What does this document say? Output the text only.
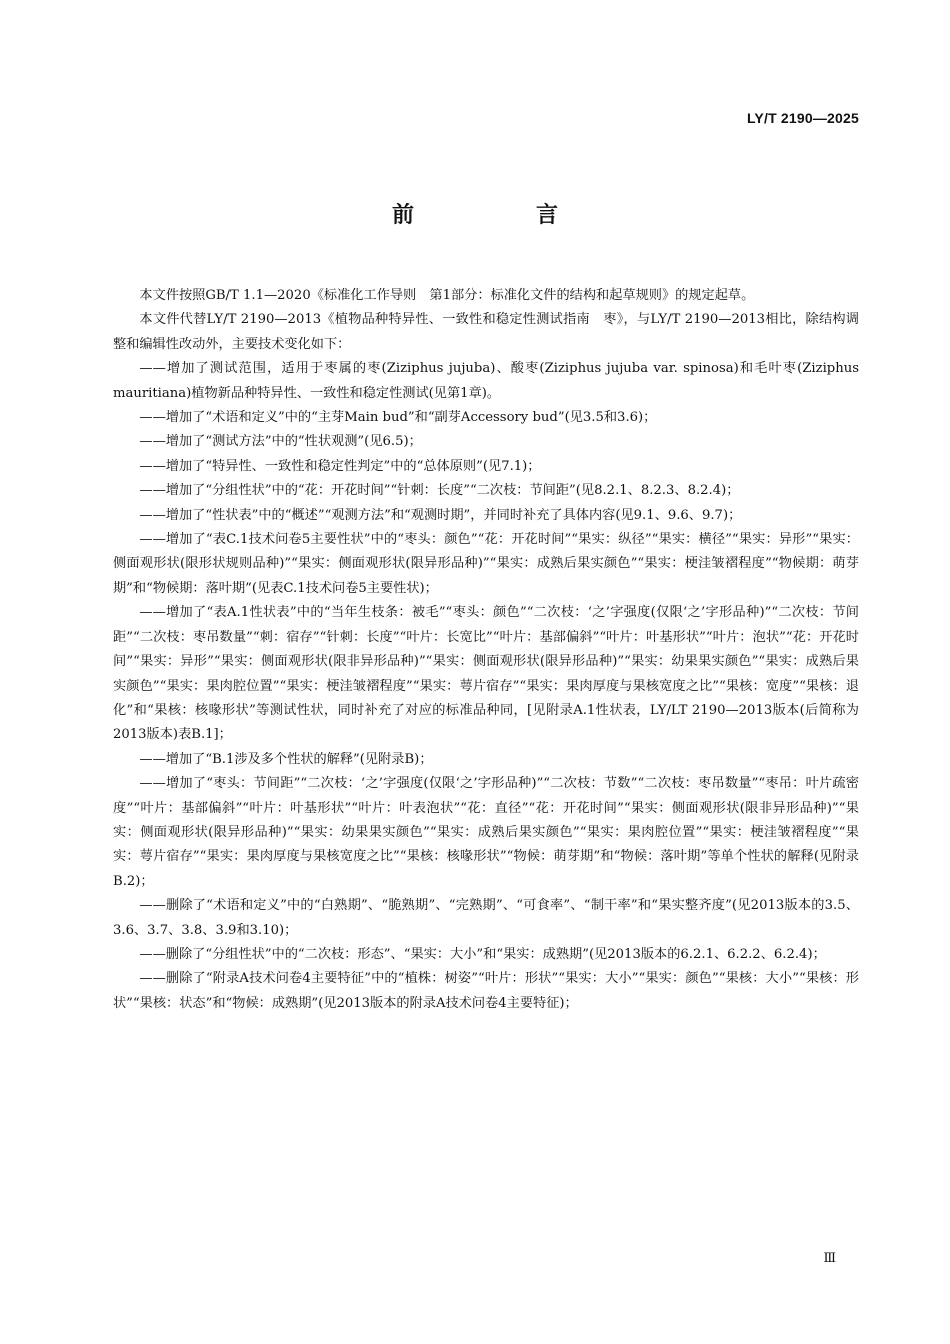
LY/T 2190—2025
前　　言

本文件按照GB/T 1.1—2020《标准化工作导则　第1部分：标准化文件的结构和起草规则》的规定起草。

本文件代替LY/T 2190—2013《植物品种特异性、一致性和稳定性测试指南　枣》，与LY/T 2190—2013相比，除结构调整和编辑性改动外，主要技术变化如下：

——增加了测试范围，适用于枣属的枣(Ziziphus jujuba)、酸枣(Ziziphus jujuba var. spinosa)和毛叶枣(Ziziphus mauritiana)植物新品种特异性、一致性和稳定性测试(见第1章)。

——增加了“术语和定义”中的“主芽Main bud”和“副芽Accessory bud”(见3.5和3.6)；

——增加了“测试方法”中的“性状观测”(见6.5)；

——增加了“特异性、一致性和稳定性判定”中的“总体原则”(见7.1)；

——增加了“分组性状”中的“花：开花时间”“针刺：长度”“二次枝：节间距”(见8.2.1、8.2.3、8.2.4)；

——增加了“性状表”中的“概述”“观测方法”和“观测时期”，并同时补充了具体内容(见9.1、9.6、9.7)；

——增加了“表C.1技术问卷5主要性状”中的“枣头：颜色”“花：开花时间”“果实：纵径”“果实：横径”“果实：异形”“果实：侧面观形状(限形状规则品种)”“果实：侧面观形状(限异形品种)”“果实：成熟后果实颜色”“果实：梗洼皱褶程度”“物候期：萌芽期”和“物候期：落叶期”(见表C.1技术问卷5主要性状)；

——增加了“表A.1性状表”中的“当年生枝条：被毛”“枣头：颜色”“二次枝：‘之’字强度(仅限‘之’字形品种)”“二次枝：节间距”“二次枝：枣吊数量”“刺：宿存”“针刺：长度”“叶片：长宽比”“叶片：基部偏斜”“叶片：叶基形状”“叶片：泡状”“花：开花时间”“果实：异形”“果实：侧面观形状(限非异形品种)”“果实：侧面观形状(限异形品种)”“果实：幼果果实颜色”“果实：成熟后果实颜色”“果实：果肉腔位置”“果实：梗洼皱褶程度”“果实：萼片宿存”“果实：果肉厚度与果核宽度之比”“果核：宽度”“果核：退化”和“果核：核喙形状”等测试性状，同时补充了对应的标准品种同，[见附录A.1性状表，LY/LT 2190—2013版本(后简称为2013版本)表B.1]；

——增加了“B.1涉及多个性状的解释”(见附录B)；

——增加了“枣头：节间距”“二次枝：‘之’字强度(仅限‘之’字形品种)”“二次枝：节数”“二次枝：枣吊数量”“枣吊：叶片疏密度”“叶片：基部偏斜”“叶片：叶基形状”“叶片：叶表泡状”“花：直径”“花：开花时间”“果实：侧面观形状(限非异形品种)”“果实：侧面观形状(限异形品种)”“果实：幼果果实颜色”“果实：成熟后果实颜色”“果实：果肉腔位置”“果实：梗洼皱褶程度”“果实：萼片宿存”“果实：果肉厚度与果核宽度之比”“果核：核喙形状”“物候：萌芽期”和“物候：落叶期”等单个性状的解释(见附录B.2)；

——删除了“术语和定义”中的“白熟期”、“脆熟期”、“完熟期”、“可食率”、“制干率”和“果实整齐度”(见2013版本的3.5、3.6、3.7、3.8、3.9和3.10)；

——删除了“分组性状”中的“二次枝：形态”、“果实：大小”和“果实：成熟期”(见2013版本的6.2.1、6.2.2、6.2.4)；

——删除了“附录A技术问卷4主要特征”中的“植株：树姿”“叶片：形状”“果实：大小”“果实：颜色”“果核：大小”“果核：形状”“果核：状态”和“物候：成熟期”(见2013版本的附录A技术问卷4主要特征)；

Ⅲ
